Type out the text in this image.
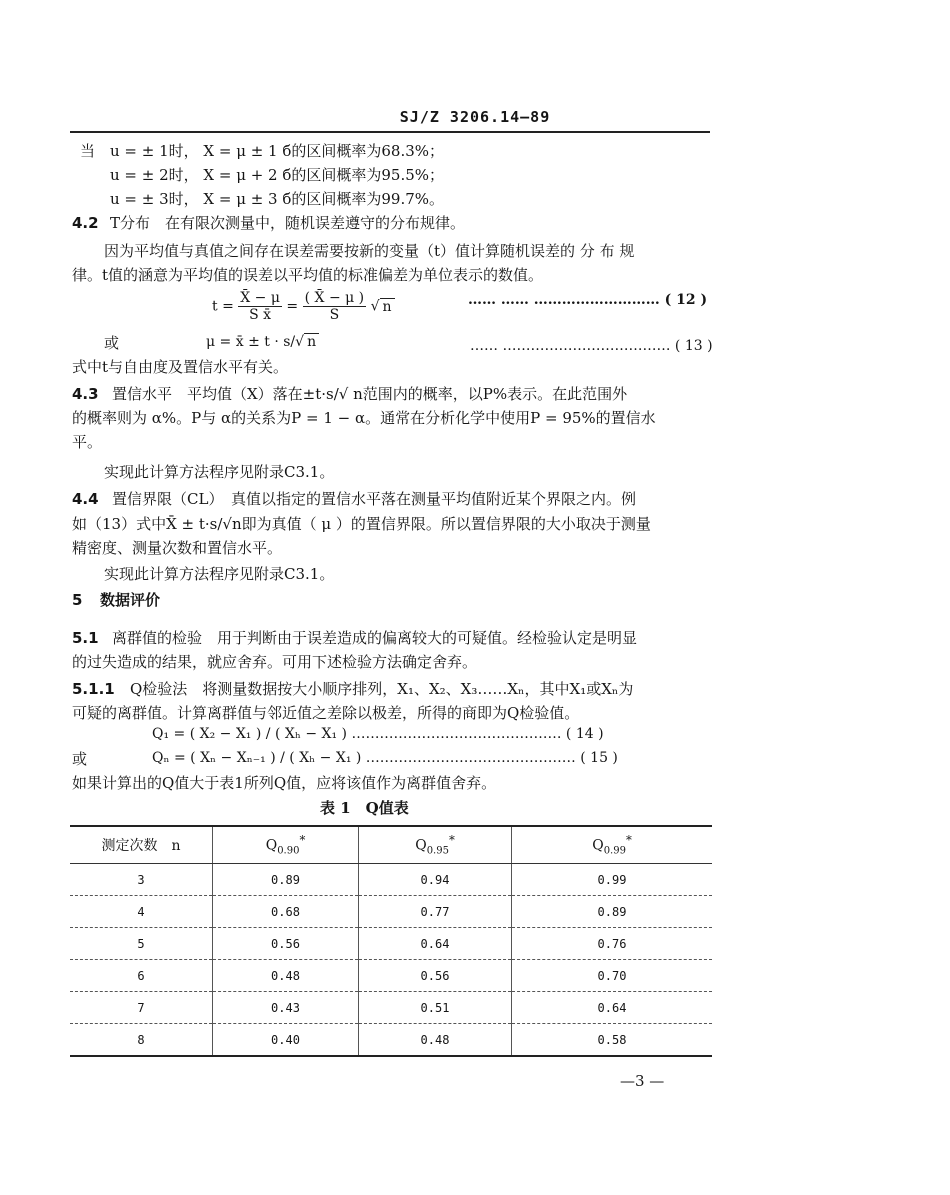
SJ/Z 3206.14—89
当 u = ± 1时， X = μ ± 1 б的区间概率为68.3%；
u = ± 2时， X = μ + 2 б的区间概率为95.5%；
u = ± 3时， X = μ ± 3 б的区间概率为99.7%。
4.2 T分布　在有限次测量中，随机误差遵守的分布规律。
因为平均值与真值之间存在误差需要按新的变量（t）值计算随机误差的 分 布 规
律。t值的涵意为平均值的误差以平均值的标准偏差为单位表示的数值。
$t = \frac{X̄ - \mu}{\text{S x̄}} = \frac{( X̄ - \mu )}{S}$ √ n	…… …… ……………………… ( 12 )
或	μ = x̄ ± t · s/√ n	…… ……………………………… ( 13 )
式中t与自由度及置信水平有关。
4.3 置信水平　平均值（X）落在±t·s/√ n范围内的概率，以P%表示。在此范围外
的概率则为 α%。P与 α的关系为P = 1 − α。通常在分析化学中使用P = 95%的置信水
平。
实现此计算方法程序见附录C3.1。
4.4 置信界限（CL）　真值以指定的置信水平落在测量平均值附近某个界限之内。例
如（13）式中X̄ ± t·s/√n即为真值（ μ ）的置信界限。所以置信界限的大小取决于测量
精密度、测量次数和置信水平。
实现此计算方法程序见附录C3.1。
5 数据评价
5.1 离群值的检验　用于判断由于误差造成的偏离较大的可疑值。经检验认定是明显
的过失造成的结果，就应舍弃。可用下述检验方法确定舍弃。
5.1.1 Q检验法　将测量数据按大小顺序排列，X₁、X₂、X₃……Xₙ，其中X₁或Xₙ为
可疑的离群值。计算离群值与邻近值之差除以极差，所得的商即为Q检验值。
Q₁ = ( X₂ − X₁ ) / ( Xₕ − X₁ ) ……………………………………… ( 14 )
或	Qₙ = ( Xₙ − Xₙ₋₁ ) / ( Xₕ − X₁ ) ……………………………………… ( 15 )
如果计算出的Q值大于表1所列Q值，应将该值作为离群值舍弃。
表 1　Q值表
测定次数　n	$Q_{0.90}^*$	$Q_{0.95}^*$	$Q_{0.99}^*$
3	0.89	0.94	0.99
4	0.68	0.77	0.89
5	0.56	0.64	0.76
6	0.48	0.56	0.70
7	0.43	0.51	0.64
8	0.40	0.48	0.58
—3 —
